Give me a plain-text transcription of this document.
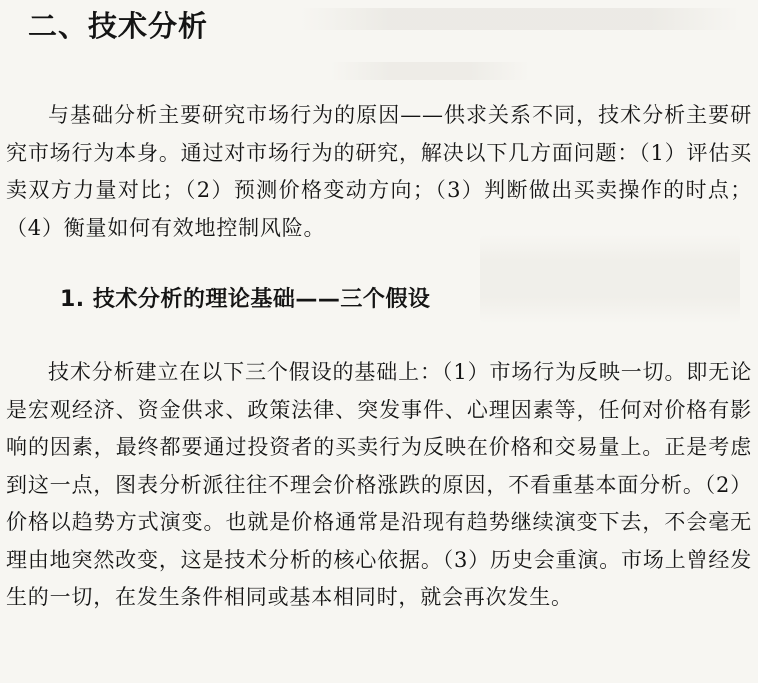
二、技术分析

与基础分析主要研究市场行为的原因——供求关系不同，技术分析主要研究市场行为本身。通过对市场行为的研究，解决以下几方面问题：（1）评估买卖双方力量对比；（2）预测价格变动方向；（3）判断做出买卖操作的时点；（4）衡量如何有效地控制风险。

1. 技术分析的理论基础——三个假设

技术分析建立在以下三个假设的基础上：（1）市场行为反映一切。即无论是宏观经济、资金供求、政策法律、突发事件、心理因素等，任何对价格有影响的因素，最终都要通过投资者的买卖行为反映在价格和交易量上。正是考虑到这一点，图表分析派往往不理会价格涨跌的原因，不看重基本面分析。（2）价格以趋势方式演变。也就是价格通常是沿现有趋势继续演变下去，不会毫无理由地突然改变，这是技术分析的核心依据。（3）历史会重演。市场上曾经发生的一切，在发生条件相同或基本相同时，就会再次发生。
